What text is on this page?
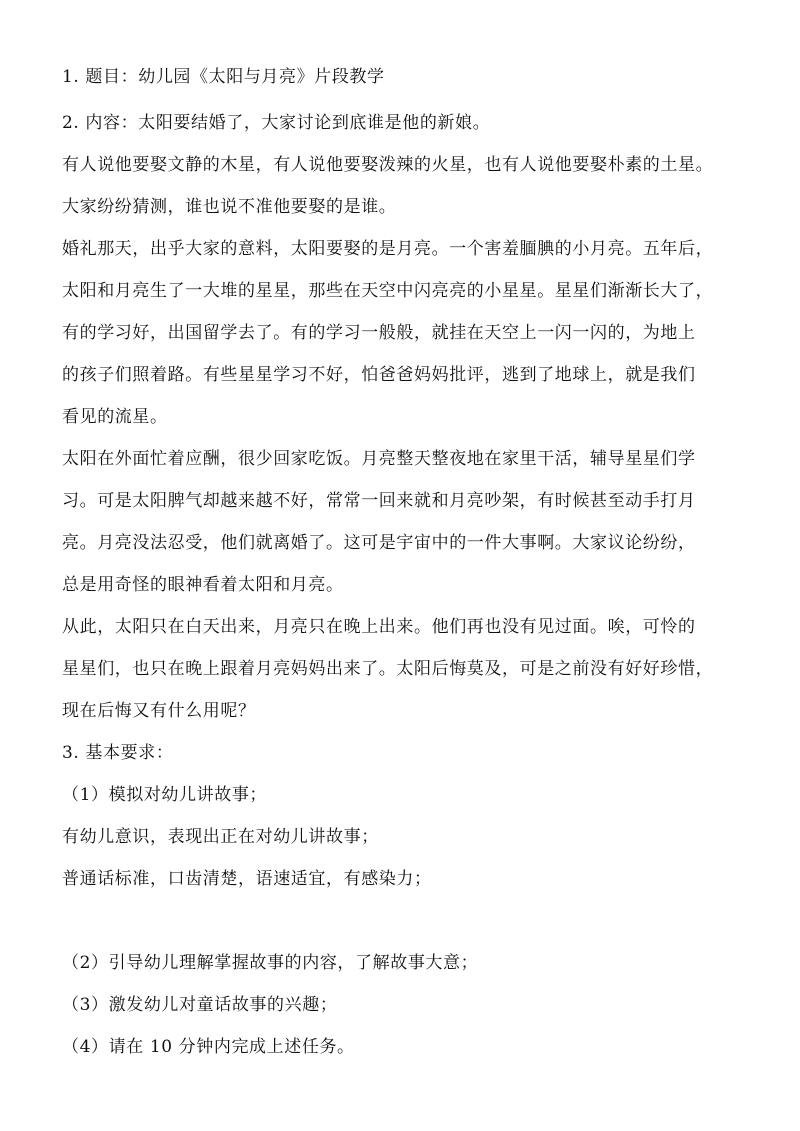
1. 题目：幼儿园《太阳与月亮》片段教学
2. 内容：太阳要结婚了，大家讨论到底谁是他的新娘。
有人说他要娶文静的木星，有人说他要娶泼辣的火星，也有人说他要娶朴素的土星。
大家纷纷猜测，谁也说不准他要娶的是谁。
婚礼那天，出乎大家的意料，太阳要娶的是月亮。一个害羞腼腆的小月亮。五年后，
太阳和月亮生了一大堆的星星，那些在天空中闪亮亮的小星星。星星们渐渐长大了，
有的学习好，出国留学去了。有的学习一般般，就挂在天空上一闪一闪的，为地上
的孩子们照着路。有些星星学习不好，怕爸爸妈妈批评，逃到了地球上，就是我们
看见的流星。
太阳在外面忙着应酬，很少回家吃饭。月亮整天整夜地在家里干活，辅导星星们学
习。可是太阳脾气却越来越不好，常常一回来就和月亮吵架，有时候甚至动手打月
亮。月亮没法忍受，他们就离婚了。这可是宇宙中的一件大事啊。大家议论纷纷，
总是用奇怪的眼神看着太阳和月亮。
从此，太阳只在白天出来，月亮只在晚上出来。他们再也没有见过面。唉，可怜的
星星们，也只在晚上跟着月亮妈妈出来了。太阳后悔莫及，可是之前没有好好珍惜，
现在后悔又有什么用呢？
3. 基本要求：
（1）模拟对幼儿讲故事；
有幼儿意识，表现出正在对幼儿讲故事；
普通话标准，口齿清楚，语速适宜，有感染力；
（2）引导幼儿理解掌握故事的内容，了解故事大意；
（3）激发幼儿对童话故事的兴趣；
（4）请在 10 分钟内完成上述任务。
